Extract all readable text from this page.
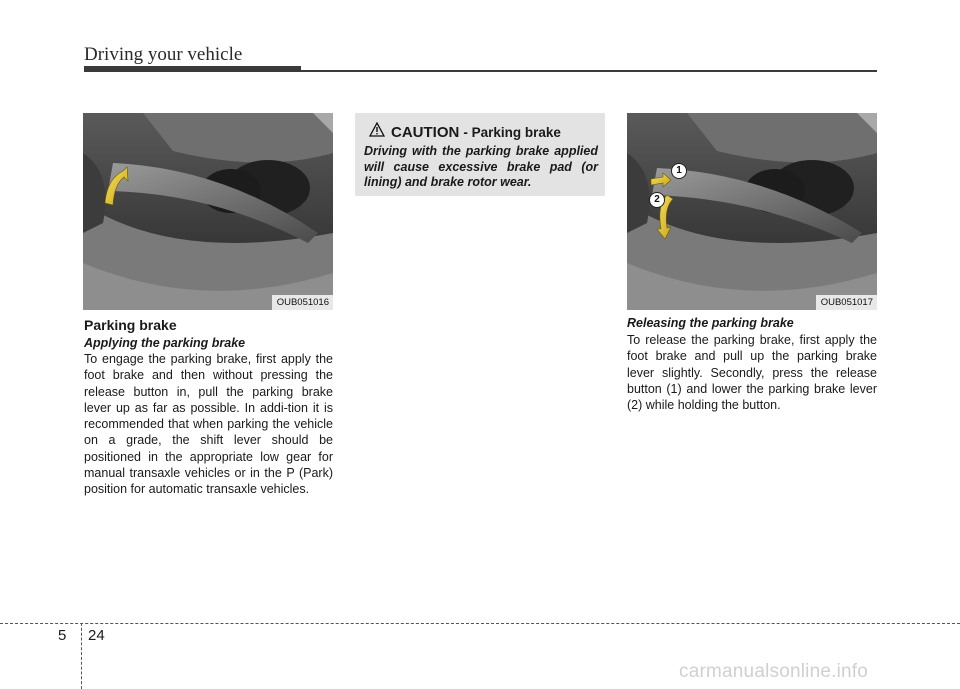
Driving your vehicle
OUB051016
Parking brake
Applying the parking brake
To engage the parking brake, first apply the foot brake and then without pressing the release button in, pull the parking brake lever up as far as possible. In addi-tion it is recommended that when parking the vehicle on a grade, the shift lever should be positioned in the appropriate low gear for manual transaxle vehicles or in the P (Park) position for automatic transaxle vehicles.
CAUTION - Parking brake
Driving with the parking brake applied will cause excessive brake pad (or lining) and brake rotor wear.
1
2
OUB051017
Releasing the parking brake
To release the parking brake, first apply the foot brake and pull up the parking brake lever slightly. Secondly, press the release button (1) and lower the parking brake lever (2) while holding the button.
5 24
carmanualsonline.info
